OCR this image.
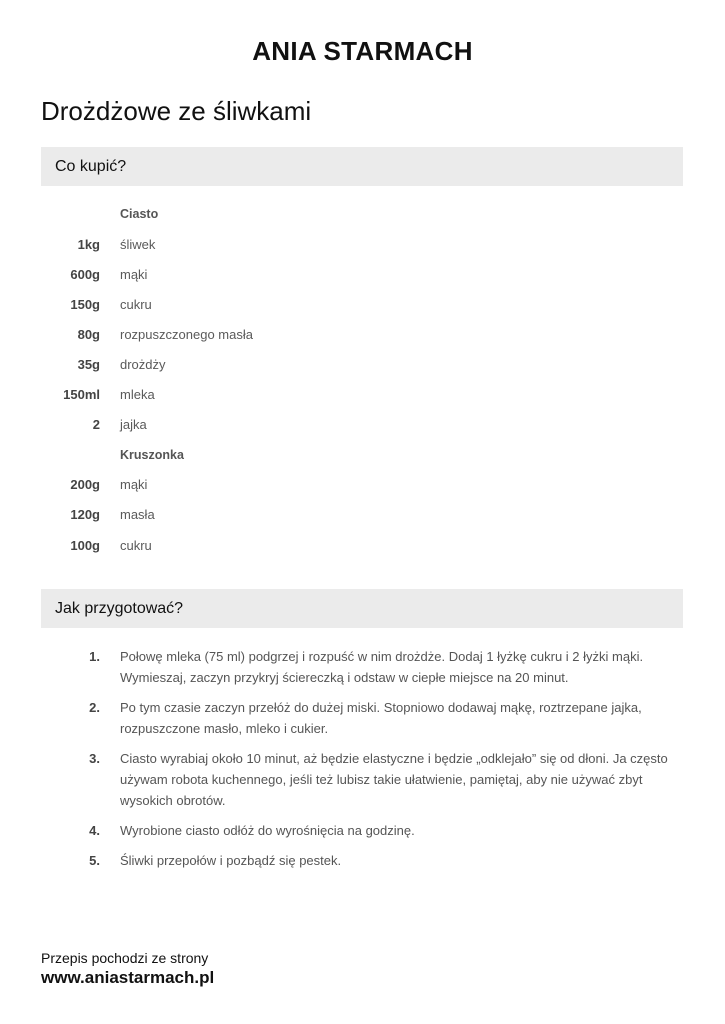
ANIA STARMACH
Drożdżowe ze śliwkami
Co kupić?
Ciasto
1kg śliwek
600g mąki
150g cukru
80g rozpuszczonego masła
35g drożdży
150ml mleka
2 jajka
Kruszonka
200g mąki
120g masła
100g cukru
Jak przygotować?
1. Połowę mleka (75 ml) podgrzej i rozpuść w nim drożdże. Dodaj 1 łyżkę cukru i 2 łyżki mąki. Wymieszaj, zaczyn przykryj ściereczką i odstaw w ciepłe miejsce na 20 minut.
2. Po tym czasie zaczyn przełóż do dużej miski. Stopniowo dodawaj mąkę, roztrzepane jajka, rozpuszczone masło, mleko i cukier.
3. Ciasto wyrabiaj około 10 minut, aż będzie elastyczne i będzie „odklejało” się od dłoni. Ja często używam robota kuchennego, jeśli też lubisz takie ułatwienie, pamiętaj, aby nie używać zbyt wysokich obrotów.
4. Wyrobione ciasto odłóż do wyrośnięcia na godzinę.
5. Śliwki przepołów i pozbądź się pestek.
Przepis pochodzi ze strony
www.aniastarmach.pl
